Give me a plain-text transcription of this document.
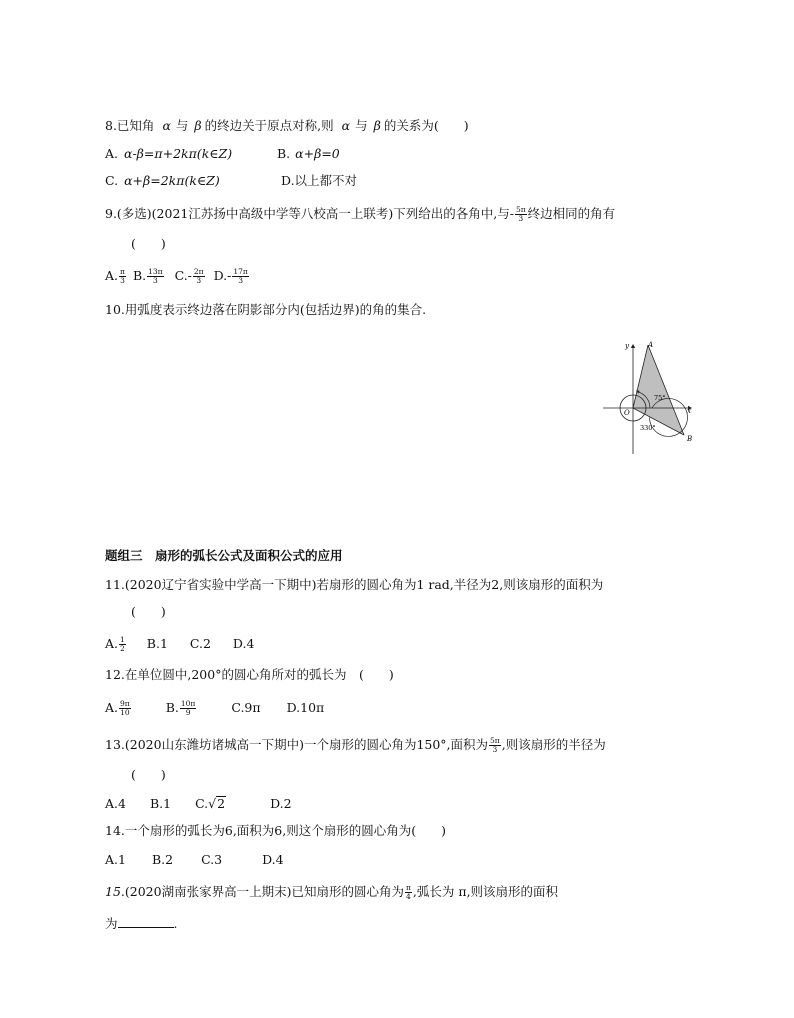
8.已知角 α 与 β 的终边关于原点对称,则 α 与 β 的关系为(　　)
A. α-β=π+2kπ(k∈Z)	B. α+β=0
C. α+β=2kπ(k∈Z)	D.以上都不对
9.(多选)(2021江苏扬中高级中学等八校高一上联考)下列给出的各角中,与- $\frac{5\pi}{3}$ 终边相同的角有
(　　)
A. $\frac{\pi}{3} B$. $\frac{13\pi}{3} C.- \frac{2\pi}{3} D.- \frac{17\pi}{3}$
10.用弧度表示终边落在阴影部分内(包括边界)的角的集合.
y	A
x
O
B
75°
330°
题组三　扇形的弧长公式及面积公式的应用
11.(2020辽宁省实验中学高一下期中)若扇形的圆心角为1 rad,半径为2,则该扇形的面积为
(　　)
A. $\frac{1}{2} B.1$ C.2 D.4
12.在单位圆中,200°的圆心角所对的弧长为　(　　)
A. $\frac{9\pi}{10}$	B. $\frac{10\pi}{9}$	C.9π D.10π
13.(2020山东潍坊诸城高一下期中)一个扇形的圆心角为150°,面积为 $\frac{5\pi}{3}$ ,则该扇形的半径为
(　　)
A.4 B.1 C.√2	D.2
14.一个扇形的弧长为6,面积为6,则这个扇形的圆心角为(　　)
A.1 B.2 C.3	D.4
15.(2020湖南张家界高一上期末)已知扇形的圆心角为 $\frac{\pi}{4}$ ,弧长为 π,则该扇形的面积
为	.
